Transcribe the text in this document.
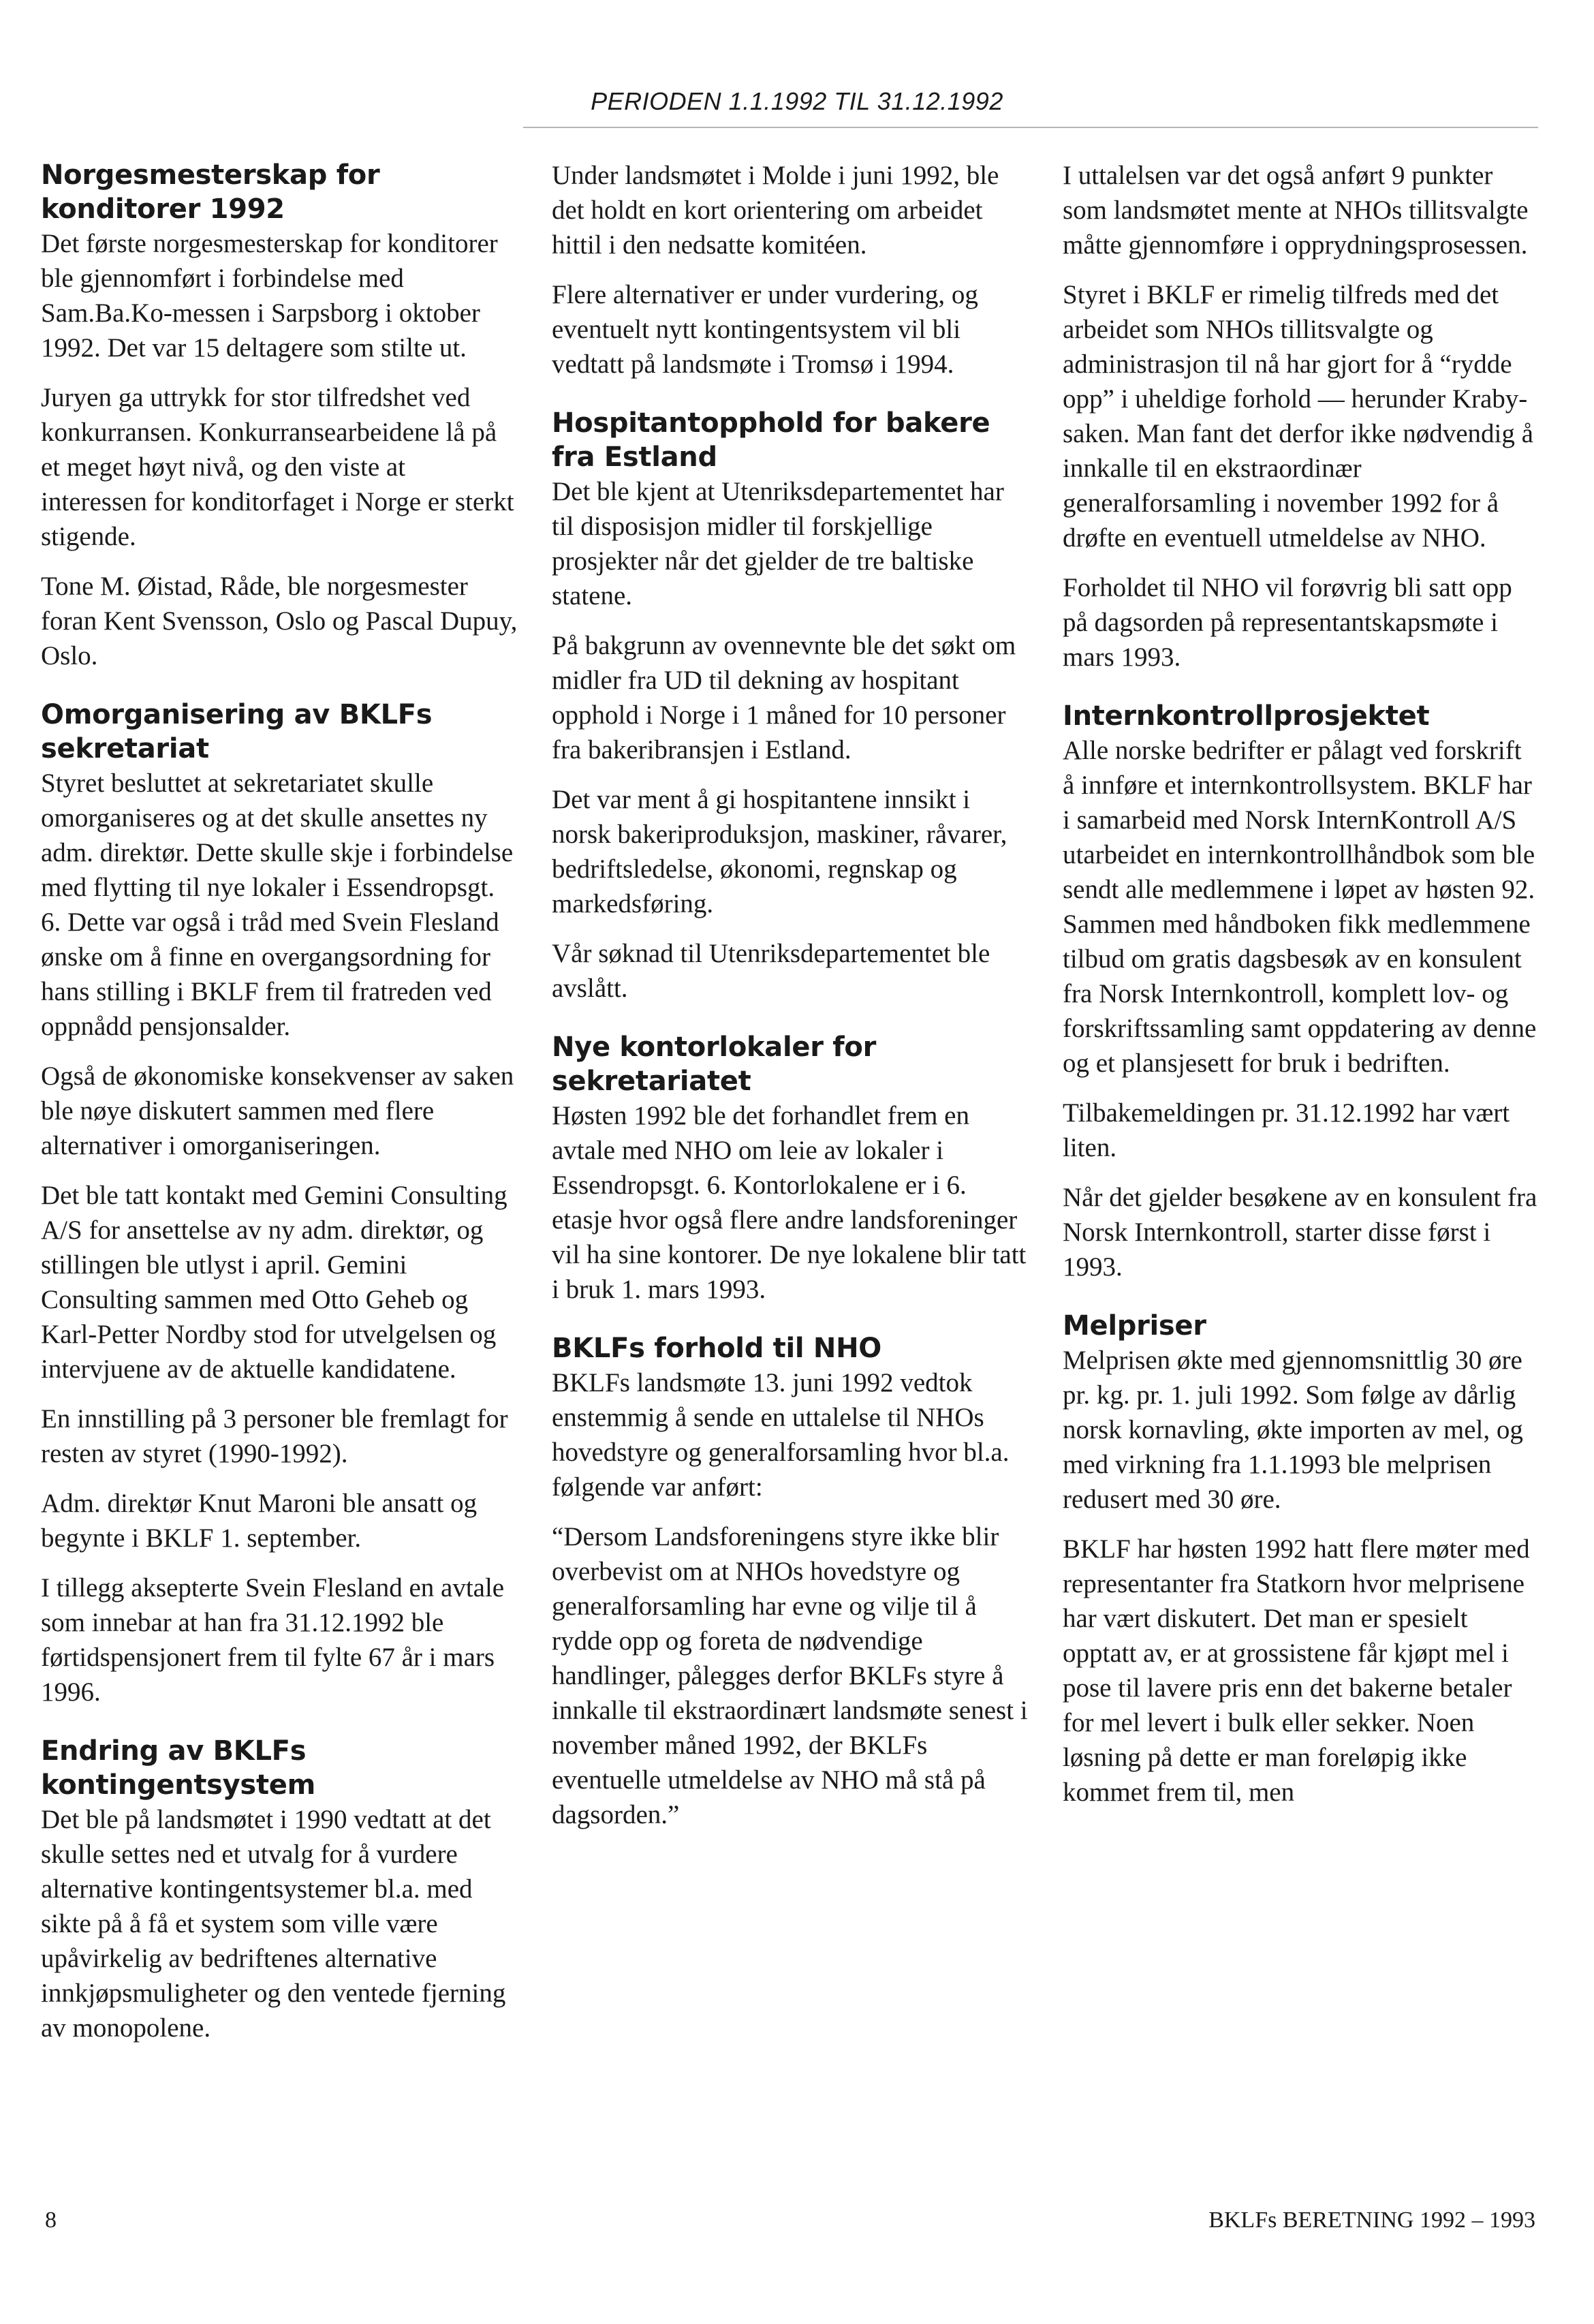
PERIODEN 1.1.1992 TIL 31.12.1992
Norgesmesterskap for konditorer 1992

Det første norgesmesterskap for konditorer ble gjennomført i forbindelse med Sam.Ba.Ko-messen i Sarpsborg i oktober 1992. Det var 15 deltagere som stilte ut.

Juryen ga uttrykk for stor tilfredshet ved konkurransen. Konkurransearbeidene lå på et meget høyt nivå, og den viste at interessen for konditorfaget i Norge er sterkt stigende.

Tone M. Øistad, Råde, ble norgesmester foran Kent Svensson, Oslo og Pascal Dupuy, Oslo.

Omorganisering av BKLFs sekretariat

Styret besluttet at sekretariatet skulle omorganiseres og at det skulle ansettes ny adm. direktør. Dette skulle skje i forbindelse med flytting til nye lokaler i Essendropsgt. 6. Dette var også i tråd med Svein Flesland ønske om å finne en overgangsordning for hans stilling i BKLF frem til fratreden ved oppnådd pensjonsalder.

Også de økonomiske konsekvenser av saken ble nøye diskutert sammen med flere alternativer i omorganiseringen.

Det ble tatt kontakt med Gemini Consulting A/S for ansettelse av ny adm. direktør, og stillingen ble utlyst i april. Gemini Consulting sammen med Otto Geheb og Karl-Petter Nordby stod for utvelgelsen og intervjuene av de aktuelle kandidatene.

En innstilling på 3 personer ble fremlagt for resten av styret (1990-1992).

Adm. direktør Knut Maroni ble ansatt og begynte i BKLF 1. september.

I tillegg aksepterte Svein Flesland en avtale som innebar at han fra 31.12.1992 ble førtidspensjonert frem til fylte 67 år i mars 1996.

Endring av BKLFs kontingentsystem

Det ble på landsmøtet i 1990 vedtatt at det skulle settes ned et utvalg for å vurdere alternative kontingentsystemer bl.a. med sikte på å få et system som ville være upåvirkelig av bedriftenes alternative innkjøpsmuligheter og den ventede fjerning av monopolene.

Under landsmøtet i Molde i juni 1992, ble det holdt en kort orientering om arbeidet hittil i den nedsatte komitéen.

Flere alternativer er under vurdering, og eventuelt nytt kontingentsystem vil bli vedtatt på landsmøte i Tromsø i 1994.

Hospitantopphold for bakere fra Estland

Det ble kjent at Utenriksdepartementet har til disposisjon midler til forskjellige prosjekter når det gjelder de tre baltiske statene.

På bakgrunn av ovennevnte ble det søkt om midler fra UD til dekning av hospitant opphold i Norge i 1 måned for 10 personer fra bakeribransjen i Estland.

Det var ment å gi hospitantene innsikt i norsk bakeriproduksjon, maskiner, råvarer, bedriftsledelse, økonomi, regnskap og markedsføring.

Vår søknad til Utenriksdepartementet ble avslått.

Nye kontorlokaler for sekretariatet

Høsten 1992 ble det forhandlet frem en avtale med NHO om leie av lokaler i Essendropsgt. 6. Kontorlokalene er i 6. etasje hvor også flere andre landsforeninger vil ha sine kontorer. De nye lokalene blir tatt i bruk 1. mars 1993.

BKLFs forhold til NHO

BKLFs landsmøte 13. juni 1992 vedtok enstemmig å sende en uttalelse til NHOs hovedstyre og generalforsamling hvor bl.a. følgende var anført:

“Dersom Landsforeningens styre ikke blir overbevist om at NHOs hovedstyre og generalforsamling har evne og vilje til å rydde opp og foreta de nødvendige handlinger, pålegges derfor BKLFs styre å innkalle til ekstraordinært landsmøte senest i november måned 1992, der BKLFs eventuelle utmeldelse av NHO må stå på dagsorden.”

I uttalelsen var det også anført 9 punkter som landsmøtet mente at NHOs tillitsvalgte måtte gjennomføre i opprydningsprosessen.

Styret i BKLF er rimelig tilfreds med det arbeidet som NHOs tillitsvalgte og administrasjon til nå har gjort for å “rydde opp” i uheldige forhold — herunder Kraby-saken. Man fant det derfor ikke nødvendig å innkalle til en ekstraordinær generalforsamling i november 1992 for å drøfte en eventuell utmeldelse av NHO.

Forholdet til NHO vil forøvrig bli satt opp på dagsorden på representantskapsmøte i mars 1993.

Internkontrollprosjektet

Alle norske bedrifter er pålagt ved forskrift å innføre et internkontrollsystem. BKLF har i samarbeid med Norsk InternKontroll A/S utarbeidet en internkontrollhåndbok som ble sendt alle medlemmene i løpet av høsten 92. Sammen med håndboken fikk medlemmene tilbud om gratis dagsbesøk av en konsulent fra Norsk Internkontroll, komplett lov- og forskriftssamling samt oppdatering av denne og et plansjesett for bruk i bedriften.

Tilbakemeldingen pr. 31.12.1992 har vært liten.

Når det gjelder besøkene av en konsulent fra Norsk Internkontroll, starter disse først i 1993.

Melpriser

Melprisen økte med gjennomsnittlig 30 øre pr. kg. pr. 1. juli 1992. Som følge av dårlig norsk kornavling, økte importen av mel, og med virkning fra 1.1.1993 ble melprisen redusert med 30 øre.

BKLF har høsten 1992 hatt flere møter med representanter fra Statkorn hvor melprisene har vært diskutert. Det man er spesielt opptatt av, er at grossistene får kjøpt mel i pose til lavere pris enn det bakerne betaler for mel levert i bulk eller sekker. Noen løsning på dette er man foreløpig ikke kommet frem til, men

8	BKLFs BERETNING 1992 – 1993
